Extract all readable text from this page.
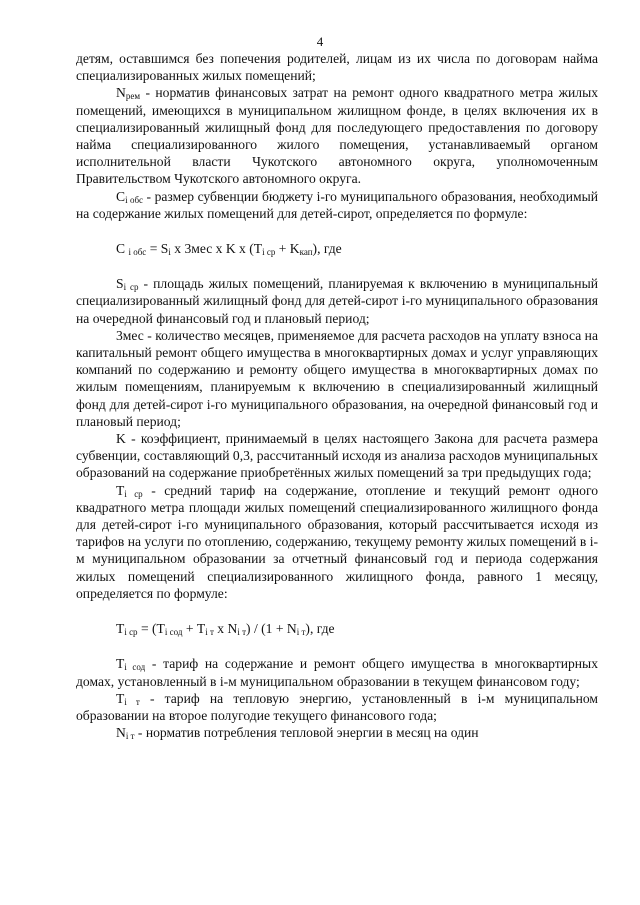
4

детям, оставшимся без попечения родителей, лицам из их числа по договорам найма специализированных жилых помещений;

$N_{рем}$ - норматив финансовых затрат на ремонт одного квадратного метра жилых помещений, имеющихся в муниципальном жилищном фонде, в целях включения их в специализированный жилищный фонд для последующего предоставления по договору найма специализированного жилого помещения, устанавливаемый органом исполнительной власти Чукотского автономного округа, уполномоченным Правительством Чукотского автономного округа.

$C_{i обс}$ - размер субвенции бюджету i-го муниципального образования, необходимый на содержание жилых помещений для детей-сирот, определяется по формуле:

C $_{i обс} = S_i$ x 3мес x K x $(T_{i ср} + K_{кап})$, где

$S_{i ср}$ - площадь жилых помещений, планируемая к включению в муниципальный специализированный жилищный фонд для детей-сирот i-го муниципального образования на очередной финансовый год и плановый период;

3мес - количество месяцев, применяемое для расчета расходов на уплату взноса на капитальный ремонт общего имущества в многоквартирных домах и услуг управляющих компаний по содержанию и ремонту общего имущества в многоквартирных домах по жилым помещениям, планируемым к включению в специализированный жилищный фонд для детей-сирот i-го муниципального образования, на очередной финансовый год и плановый период;

K - коэффициент, принимаемый в целях настоящего Закона для расчета размера субвенции, составляющий 0,3, рассчитанный исходя из анализа расходов муниципальных образований на содержание приобретённых жилых помещений за три предыдущих года;

$T_{i ср}$ - средний тариф на содержание, отопление и текущий ремонт одного квадратного метра площади жилых помещений специализированного жилищного фонда для детей-сирот i-го муниципального образования, который рассчитывается исходя из тарифов на услуги по отоплению, содержанию, текущему ремонту жилых помещений в i-м муниципальном образовании за отчетный финансовый год и периода содержания жилых помещений специализированного жилищного фонда, равного 1 месяцу, определяется по формуле:

$T_{i ср} = (T_{i сод} + T_{i т}$ x $N_{i т}) / (1 + N_{i т})$, где

$T_{i сод}$ - тариф на содержание и ремонт общего имущества в многоквартирных домах, установленный в i-м муниципальном образовании в текущем финансовом году;

$T_{i т}$ - тариф на тепловую энергию, установленный в i-м муниципальном образовании на второе полугодие текущего финансового года;

$N_{i т}$ - норматив потребления тепловой энергии в месяц на один
